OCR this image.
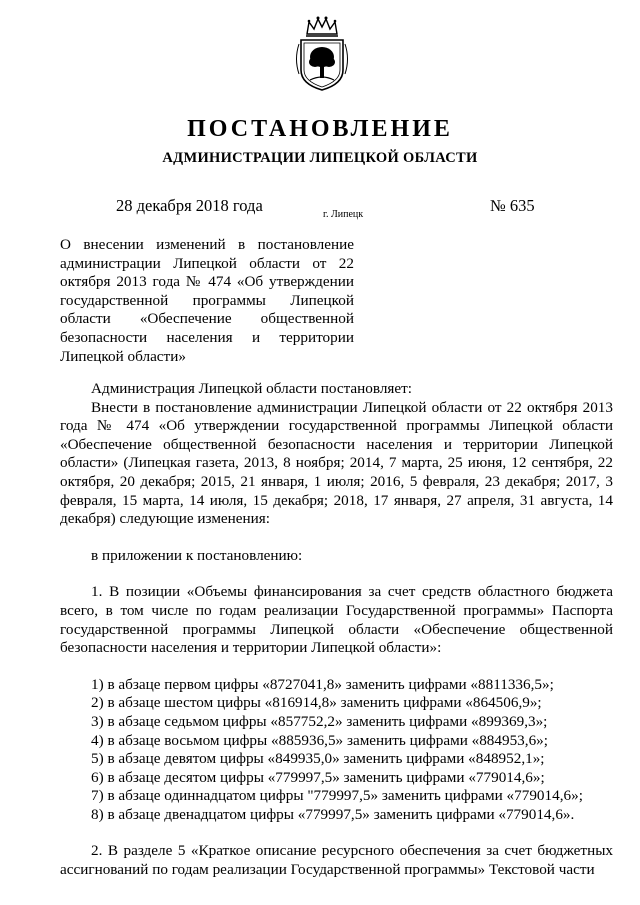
ПОСТАНОВЛЕНИЕ
АДМИНИСТРАЦИИ ЛИПЕЦКОЙ ОБЛАСТИ
28 декабря 2018 года	г. Липецк	№ 635
О внесении изменений в постановление администрации Липецкой области от 22 октября 2013 года № 474 «Об утверждении государственной программы Липецкой области «Обеспечение общественной безопасности населения и территории Липецкой области»

Администрация Липецкой области постановляет:

Внести в постановление администрации Липецкой области от 22 октября 2013 года № 474 «Об утверждении государственной программы Липецкой области «Обеспечение общественной безопасности населения и территории Липецкой области» (Липецкая газета, 2013, 8 ноября; 2014, 7 марта, 25 июня, 12 сентября, 22 октября, 20 декабря; 2015, 21 января, 1 июля; 2016, 5 февраля, 23 декабря; 2017, 3 февраля, 15 марта, 14 июля, 15 декабря; 2018, 17 января, 27 апреля, 31 августа, 14 декабря) следующие изменения:

в приложении к постановлению:

1. В позиции «Объемы финансирования за счет средств областного бюджета всего, в том числе по годам реализации Государственной программы» Паспорта государственной программы Липецкой области «Обеспечение общественной безопасности населения и территории Липецкой области»:

1) в абзаце первом цифры «8727041,8» заменить цифрами «8811336,5»;
2) в абзаце шестом цифры «816914,8» заменить цифрами «864506,9»;
3) в абзаце седьмом цифры «857752,2» заменить цифрами «899369,3»;
4) в абзаце восьмом цифры «885936,5» заменить цифрами «884953,6»;
5) в абзаце девятом цифры «849935,0» заменить цифрами «848952,1»;
6) в абзаце десятом цифры «779997,5» заменить цифрами «779014,6»;
7) в абзаце одиннадцатом цифры "779997,5» заменить цифрами «779014,6»;
8) в абзаце двенадцатом цифры «779997,5» заменить цифрами «779014,6».

2. В разделе 5 «Краткое описание ресурсного обеспечения за счет бюджетных ассигнований по годам реализации Государственной программы» Текстовой части
